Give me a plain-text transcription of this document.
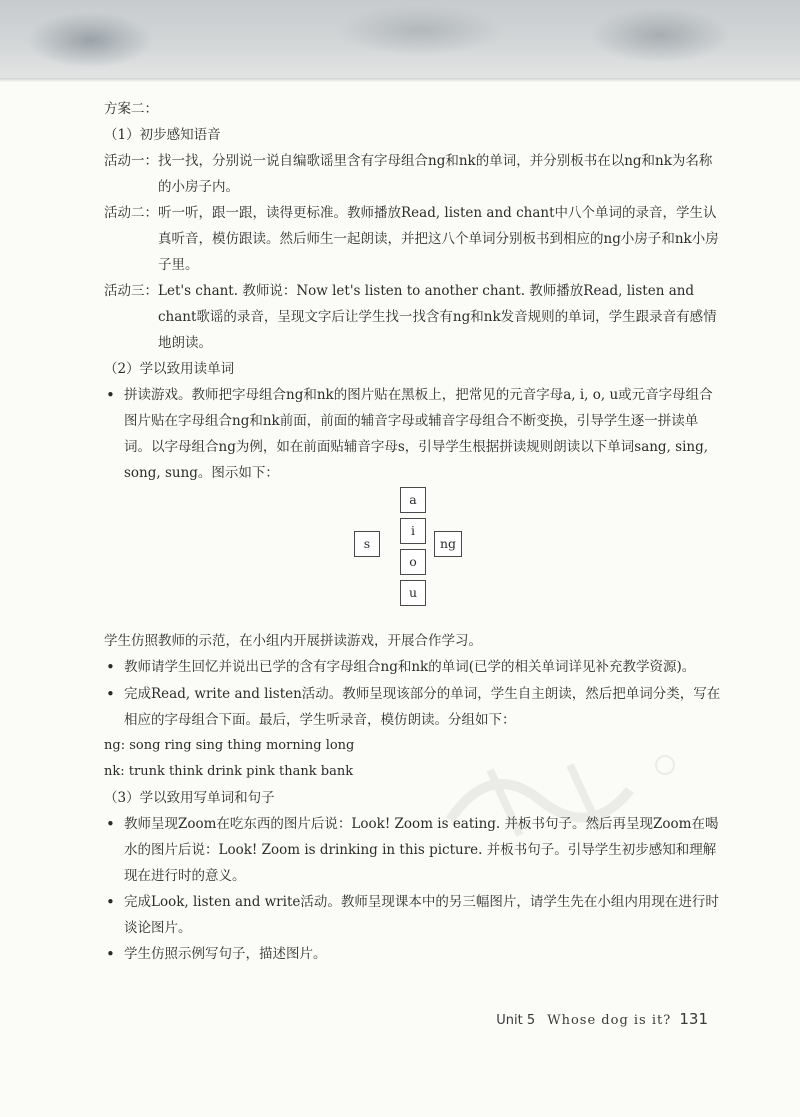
方案二：
（1）初步感知语音
活动一： 找一找，分别说一说自编歌谣里含有字母组合ng和nk的单词，并分别板书在以ng和nk为名称的小房子内。
活动二： 听一听，跟一跟，读得更标准。教师播放Read, listen and chant中八个单词的录音，学生认真听音，模仿跟读。然后师生一起朗读，并把这八个单词分别板书到相应的ng小房子和nk小房子里。
活动三： Let's chant. 教师说：Now let's listen to another chant. 教师播放Read, listen and chant歌谣的录音，呈现文字后让学生找一找含有ng和nk发音规则的单词，学生跟录音有感情地朗读。
（2）学以致用读单词
•
拼读游戏。教师把字母组合ng和nk的图片贴在黑板上，把常见的元音字母a, i, o, u或元音字母组合图片贴在字母组合ng和nk前面，前面的辅音字母或辅音字母组合不断变换，引导学生逐一拼读单词。以字母组合ng为例，如在前面贴辅音字母s，引导学生根据拼读规则朗读以下单词sang, sing, song, sung。图示如下：
a
i
o
u
s	ng
学生仿照教师的示范，在小组内开展拼读游戏，开展合作学习。
•
教师请学生回忆并说出已学的含有字母组合ng和nk的单词(已学的相关单词详见补充教学资源)。
•
完成Read, write and listen活动。教师呈现该部分的单词，学生自主朗读，然后把单词分类，写在相应的字母组合下面。最后，学生听录音，模仿朗读。分组如下：
ng: song ring sing thing morning long
nk: trunk think drink pink thank bank
（3）学以致用写单词和句子
•
教师呈现Zoom在吃东西的图片后说：Look! Zoom is eating. 并板书句子。然后再呈现Zoom在喝水的图片后说：Look! Zoom is drinking in this picture. 并板书句子。引导学生初步感知和理解现在进行时的意义。
•
完成Look, listen and write活动。教师呈现课本中的另三幅图片，请学生先在小组内用现在进行时谈论图片。
•
学生仿照示例写句子，描述图片。
Unit 5 Whose dog is it? 131
